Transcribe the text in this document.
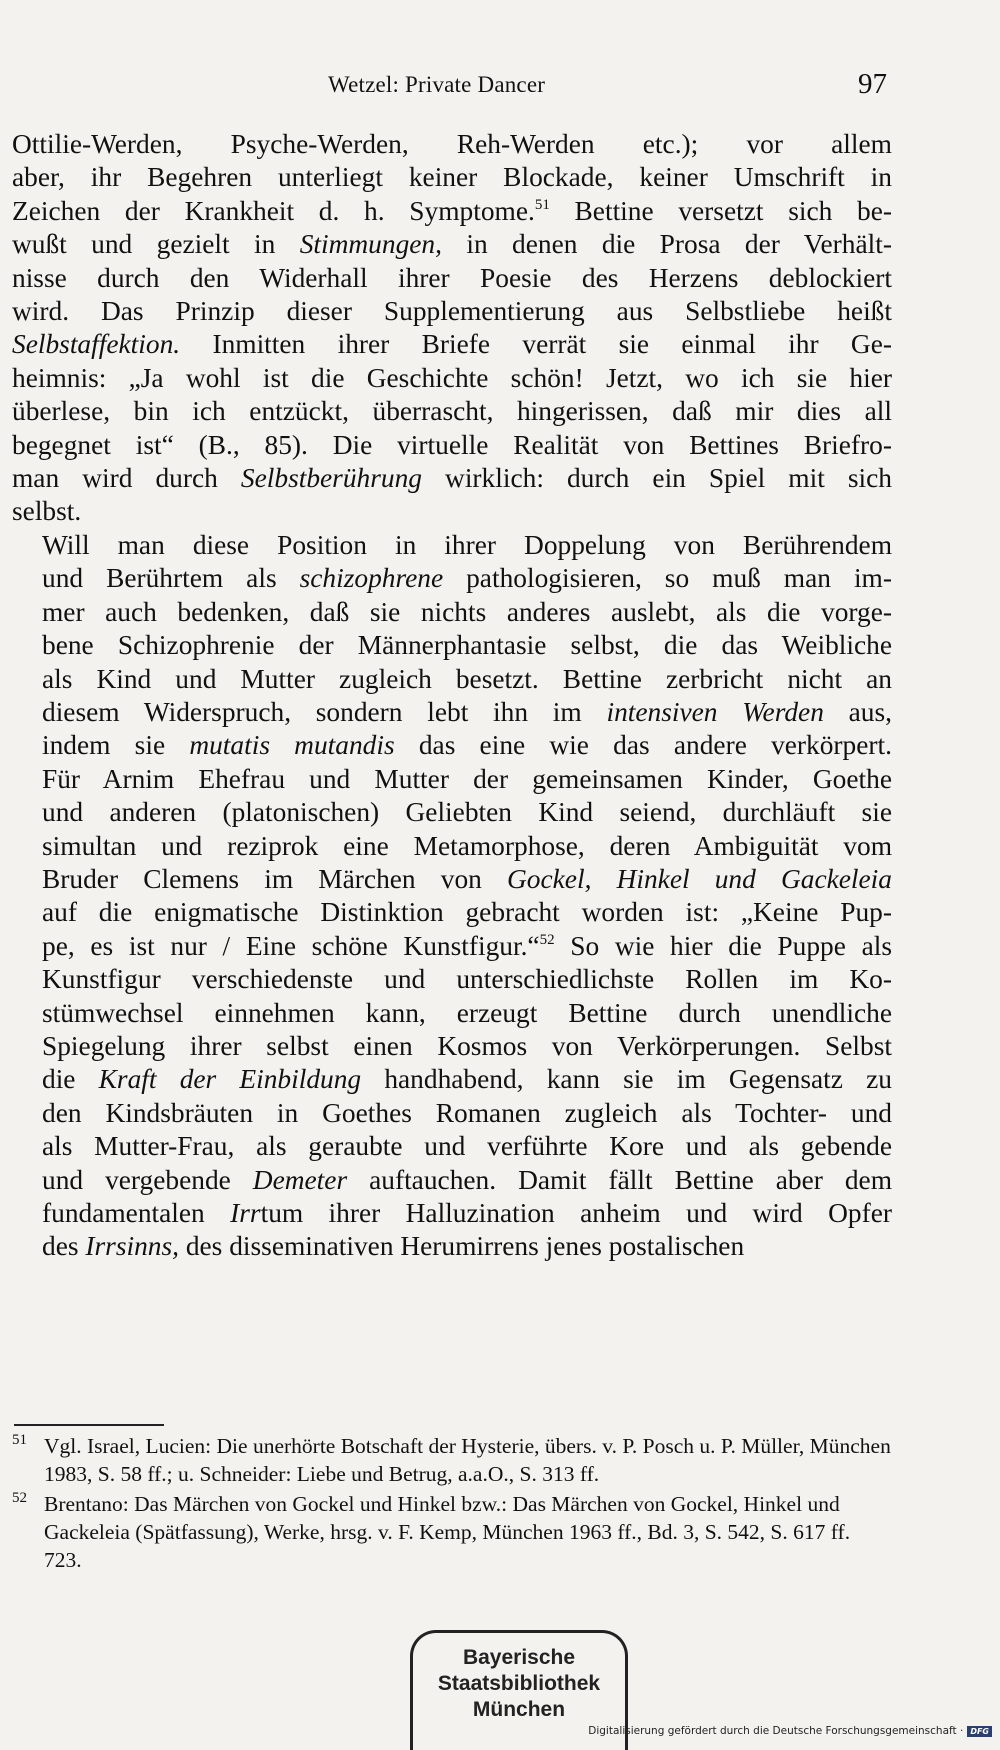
Wetzel: Private Dancer	97

Ottilie-Werden, Psyche-Werden, Reh-Werden etc.); vor allem
aber, ihr Begehren unterliegt keiner Blockade, keiner Umschrift in
Zeichen der Krankheit d. h. Symptome.$^{51}$ Bettine versetzt sich be-
wußt und gezielt in Stimmungen, in denen die Prosa der Verhält-
nisse durch den Widerhall ihrer Poesie des Herzens deblockiert
wird. Das Prinzip dieser Supplementierung aus Selbstliebe heißt
Selbstaffektion. Inmitten ihrer Briefe verrät sie einmal ihr Ge-
heimnis: „Ja wohl ist die Geschichte schön! Jetzt, wo ich sie hier
überlese, bin ich entzückt, überrascht, hingerissen, daß mir dies all
begegnet ist“ (B., 85). Die virtuelle Realität von Bettines Briefro-
man wird durch Selbstberührung wirklich: durch ein Spiel mit sich
selbst.

Will man diese Position in ihrer Doppelung von Berührendem
und Berührtem als schizophrene pathologisieren, so muß man im-
mer auch bedenken, daß sie nichts anderes auslebt, als die vorge-
bene Schizophrenie der Männerphantasie selbst, die das Weibliche
als Kind und Mutter zugleich besetzt. Bettine zerbricht nicht an
diesem Widerspruch, sondern lebt ihn im intensiven Werden aus,
indem sie mutatis mutandis das eine wie das andere verkörpert.
Für Arnim Ehefrau und Mutter der gemeinsamen Kinder, Goethe
und anderen (platonischen) Geliebten Kind seiend, durchläuft sie
simultan und reziprok eine Metamorphose, deren Ambiguität vom
Bruder Clemens im Märchen von Gockel, Hinkel und Gackeleia
auf die enigmatische Distinktion gebracht worden ist: „Keine Pup-
pe, es ist nur / Eine schöne Kunstfigur.“$^{52}$ So wie hier die Puppe als
Kunstfigur verschiedenste und unterschiedlichste Rollen im Ko-
stümwechsel einnehmen kann, erzeugt Bettine durch unendliche
Spiegelung ihrer selbst einen Kosmos von Verkörperungen. Selbst
die Kraft der Einbildung handhabend, kann sie im Gegensatz zu
den Kindsbräuten in Goethes Romanen zugleich als Tochter- und
als Mutter-Frau, als geraubte und verführte Kore und als gebende
und vergebende Demeter auftauchen. Damit fällt Bettine aber dem
fundamentalen Irrtum ihrer Halluzination anheim und wird Opfer
des Irrsinns, des disseminativen Herumirrens jenes postalischen

51 Vgl. Israel, Lucien: Die unerhörte Botschaft der Hysterie, übers. v. P. Posch u. P. Müller, München 1983, S. 58 ff.; u. Schneider: Liebe und Betrug, a.a.O., S. 313 ff.
52 Brentano: Das Märchen von Gockel und Hinkel bzw.: Das Märchen von Gockel, Hinkel und Gackeleia (Spätfassung), Werke, hrsg. v. F. Kemp, München 1963 ff., Bd. 3, S. 542, S. 617 ff. 723.
Bayerische
Staatsbibliothek
München
Digitalisierung gefördert durch die Deutsche Forschungsgemeinschaft · DFG
